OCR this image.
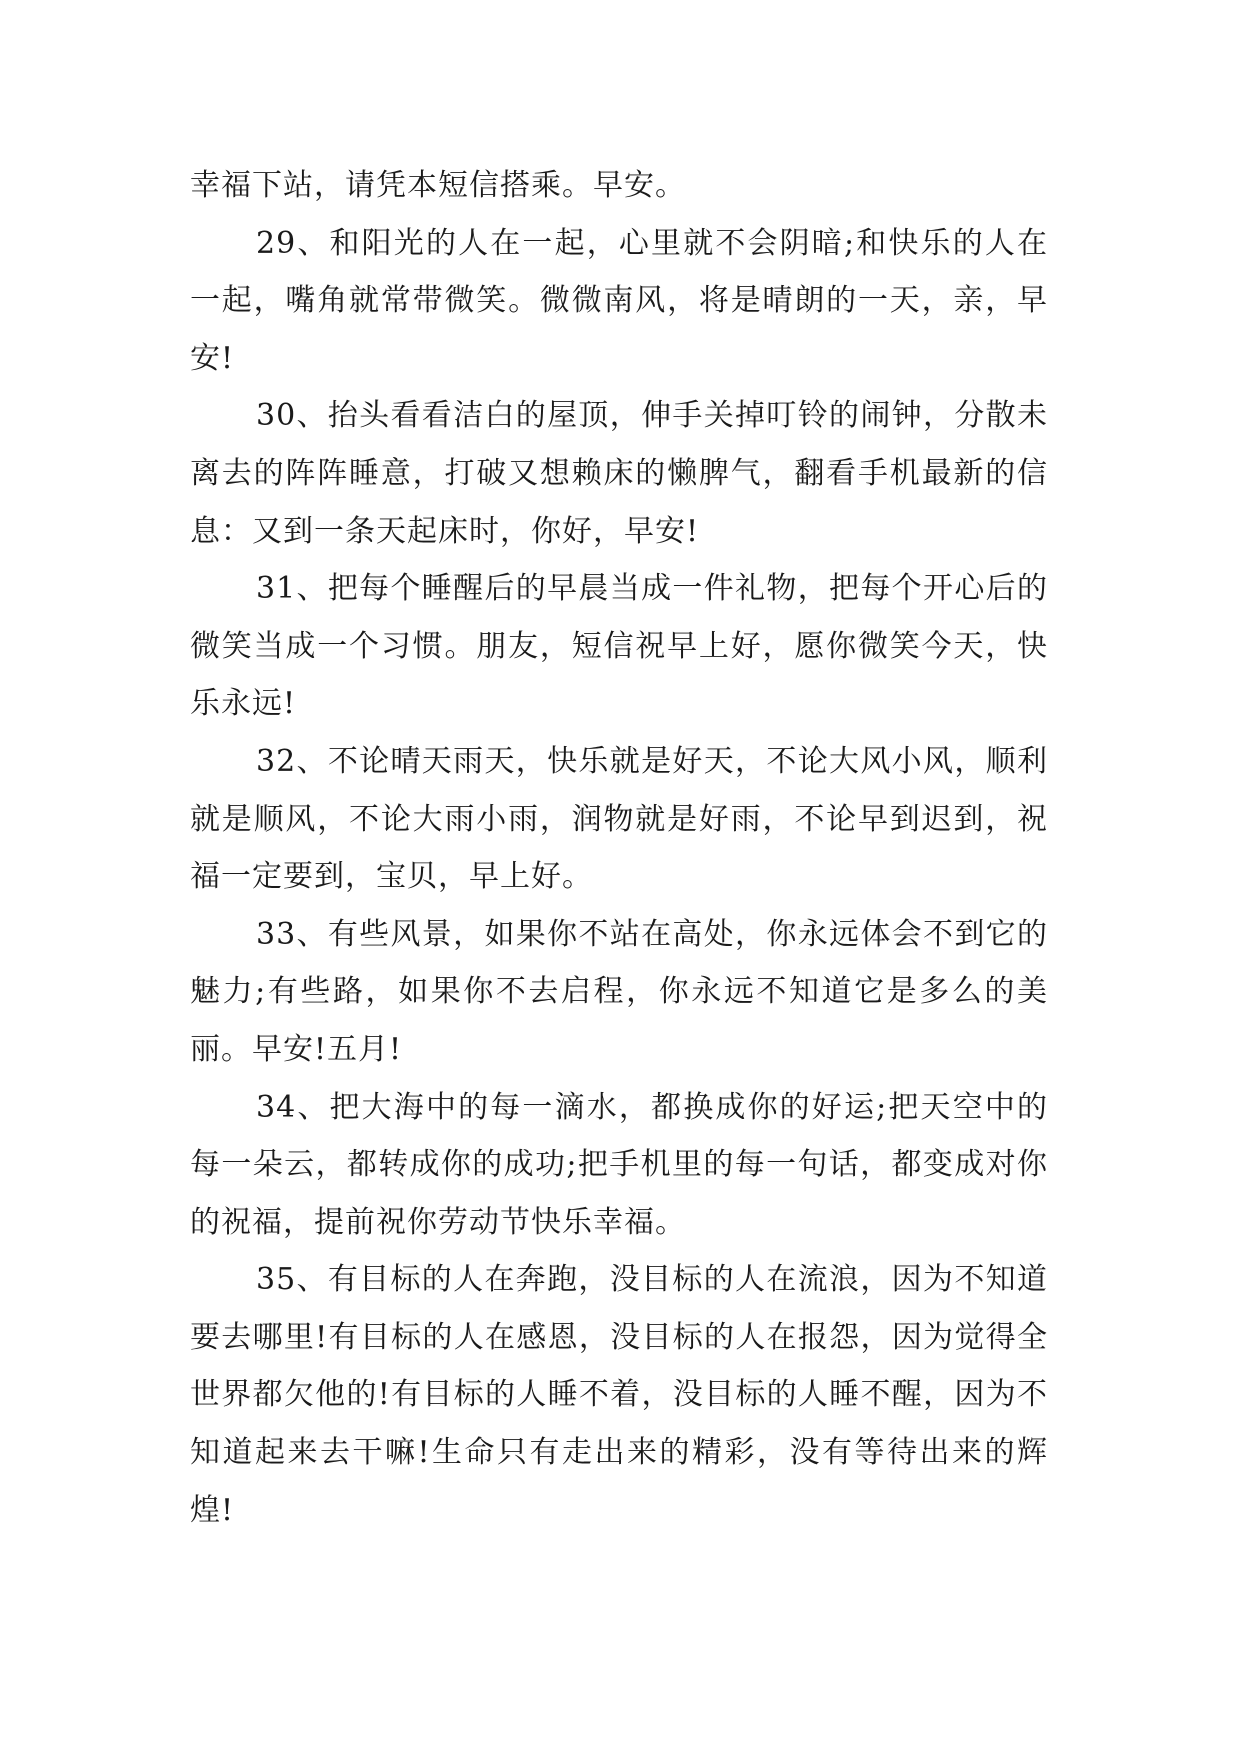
幸福下站，请凭本短信搭乘。早安。

29、和阳光的人在一起，心里就不会阴暗;和快乐的人在一起，嘴角就常带微笑。微微南风，将是晴朗的一天，亲，早安!

30、抬头看看洁白的屋顶，伸手关掉叮铃的闹钟，分散未离去的阵阵睡意，打破又想赖床的懒脾气，翻看手机最新的信息：又到一条天起床时，你好，早安!

31、把每个睡醒后的早晨当成一件礼物，把每个开心后的微笑当成一个习惯。朋友，短信祝早上好，愿你微笑今天，快乐永远!

32、不论晴天雨天，快乐就是好天，不论大风小风，顺利就是顺风，不论大雨小雨，润物就是好雨，不论早到迟到，祝福一定要到，宝贝，早上好。

33、有些风景，如果你不站在高处，你永远体会不到它的魅力;有些路，如果你不去启程，你永远不知道它是多么的美丽。早安!五月!

34、把大海中的每一滴水，都换成你的好运;把天空中的每一朵云，都转成你的成功;把手机里的每一句话，都变成对你的祝福，提前祝你劳动节快乐幸福。

35、有目标的人在奔跑，没目标的人在流浪，因为不知道要去哪里!有目标的人在感恩，没目标的人在报怨，因为觉得全世界都欠他的!有目标的人睡不着，没目标的人睡不醒，因为不知道起来去干嘛!生命只有走出来的精彩，没有等待出来的辉煌!
